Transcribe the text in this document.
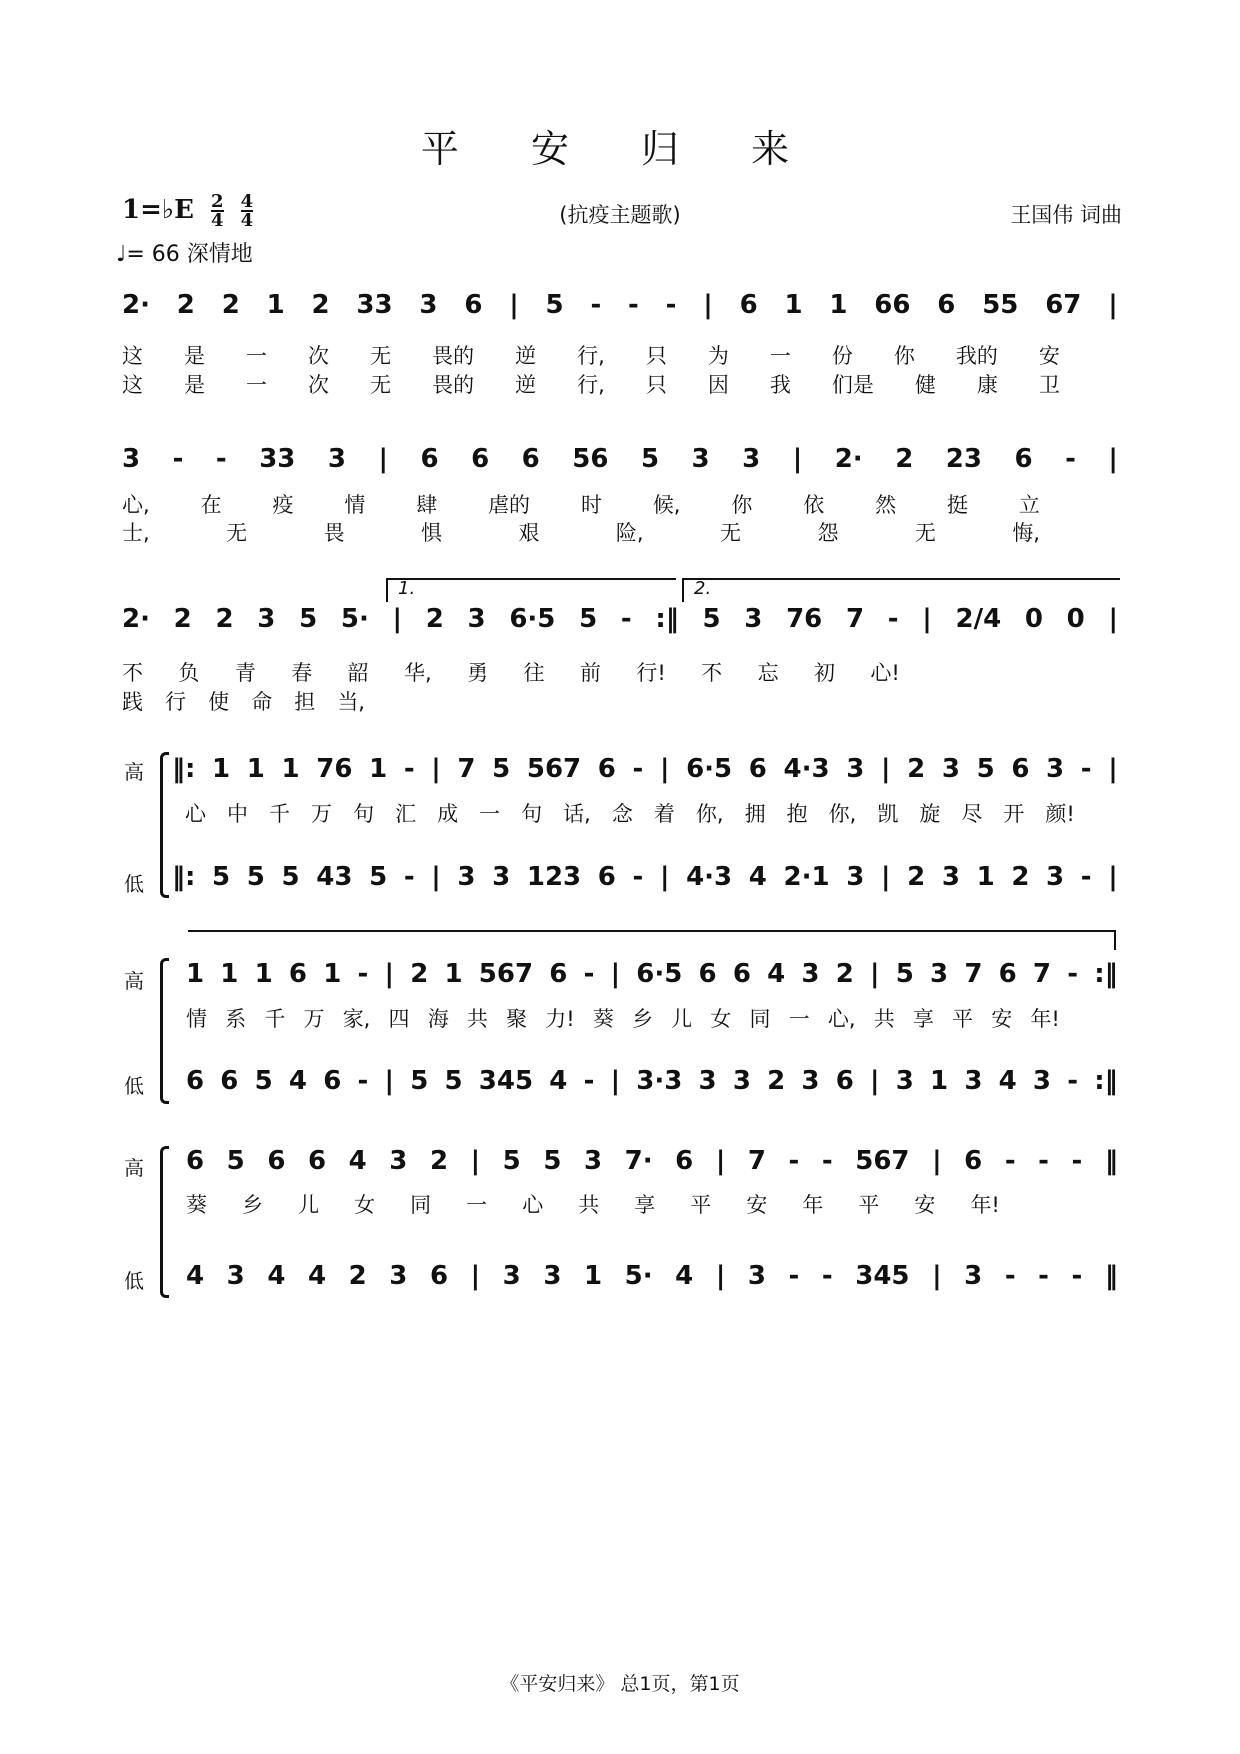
平 安 归 来
1=♭E $\frac{2}{4} \frac{4}{4}$
♩= 66 深情地
(抗疫主题歌)	王国伟 词曲
2· 2 2 1 2 33 3 6 | 5 - - - | 6 1 1 66 6 55 67 |
这 是 一 次 无 畏的 逆 行, 只 为 一 份 你 我的 安
这 是 一 次 无 畏的 逆 行, 只 因 我 们是 健 康 卫
3 - - 33 3 | 6 6 6 56 5 3 3 | 2· 2 23 6 - |
心, 在 疫 情 肆 虐的 时 候, 你 依 然 挺 立
士,	无	畏	惧	艰	险,	无	怨	无	悔,
1.	2.
2· 2 2 3 5 5· | 2 3 6·5 5 - :‖ 5 3 76 7 - | 2/4 0 0 |
不 负 青 春 韶 华, 勇 往 前 行! 不 忘 初 心!
践 行 使 命 担 当,
高
低
‖: 1 1 1 76 1 - | 7 5 567 6 - | 6·5 6 4·3 3 | 2 3 5 6 3 - |
心 中 千 万 句 汇 成 一 句 话, 念 着 你, 拥 抱 你, 凯 旋 尽 开 颜!
‖: 5 5 5 43 5 - | 3 3 123 6 - | 4·3 4 2·1 3 | 2 3 1 2 3 - |
高
低
1 1 1 6 1 - | 2 1 567 6 - | 6·5 6 6 4 3 2 | 5 3 7 6 7 - :‖
情 系 千 万 家, 四 海 共 聚 力! 葵 乡 儿 女 同 一 心, 共 享 平 安 年!
6 6 5 4 6 - | 5 5 345 4 - | 3·3 3 3 2 3 6 | 3 1 3 4 3 - :‖
高
低
6 5 6 6 4 3 2 | 5 5 3 7· 6 | 7 - - 567 | 6 - - - ‖
葵 乡 儿 女 同 一 心 共 享 平 安 年 平 安 年!
4 3 4 4 2 3 6 | 3 3 1 5· 4 | 3 - - 345 | 3 - - - ‖
《平安归来》 总1页，第1页
